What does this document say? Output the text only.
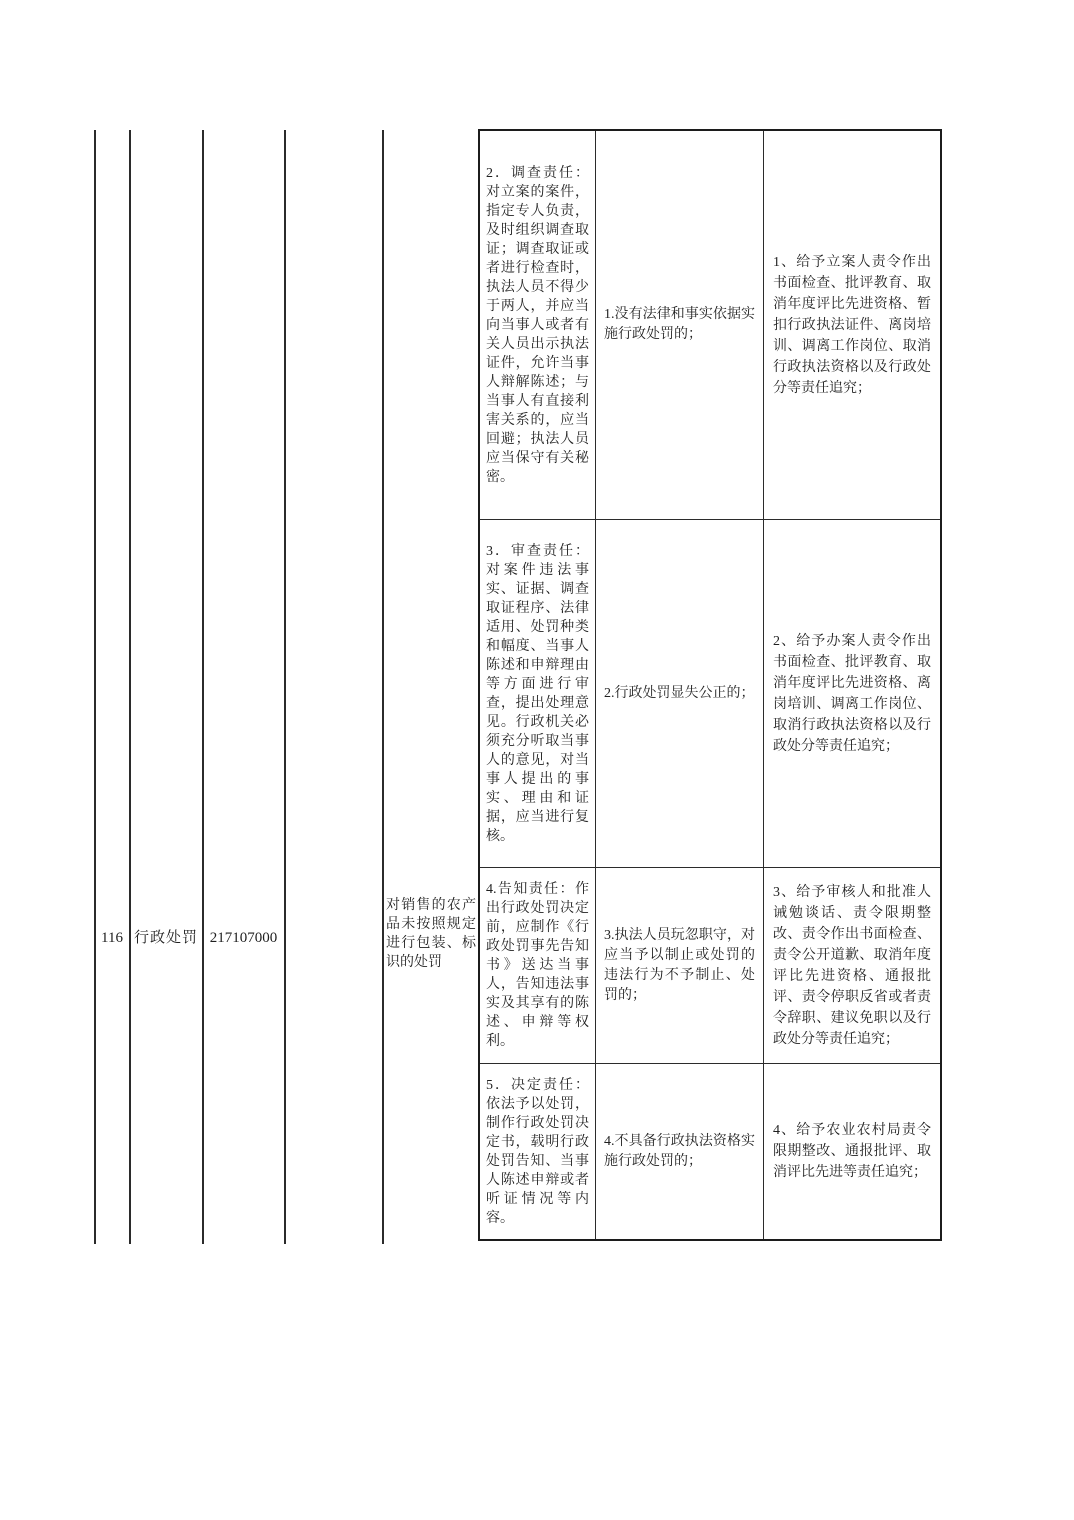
116 行政处罚 217107000
对销售的农产品未按照规定进行包装、标识的处罚
2．调查责任：对立案的案件，指定专人负责，及时组织调查取证；调查取证或者进行检查时，执法人员不得少于两人，并应当向当事人或者有关人员出示执法证件，允许当事人辩解陈述；与当事人有直接利害关系的，应当回避；执法人员应当保守有关秘密。
1.没有法律和事实依据实施行政处罚的；
1、给予立案人责令作出书面检查、批评教育、取消年度评比先进资格、暂扣行政执法证件、离岗培训、调离工作岗位、取消行政执法资格以及行政处分等责任追究；
3．审查责任：对案件违法事实、证据、调查取证程序、法律适用、处罚种类和幅度、当事人陈述和申辩理由等方面进行审查，提出处理意见。行政机关必须充分听取当事人的意见，对当事人提出的事实、理由和证据，应当进行复核。
2.行政处罚显失公正的；
2、给予办案人责令作出书面检查、批评教育、取消年度评比先进资格、离岗培训、调离工作岗位、取消行政执法资格以及行政处分等责任追究；
4.告知责任：作出行政处罚决定前，应制作《行政处罚事先告知书》送达当事人，告知违法事实及其享有的陈述、申辩等权利。
3.执法人员玩忽职守，对应当予以制止或处罚的违法行为不予制止、处罚的；
3、给予审核人和批准人诫勉谈话、责令限期整改、责令作出书面检查、责令公开道歉、取消年度评比先进资格、通报批评、责令停职反省或者责令辞职、建议免职以及行政处分等责任追究；
5．决定责任：依法予以处罚，制作行政处罚决定书，载明行政处罚告知、当事人陈述申辩或者听证情况等内容。
4.不具备行政执法资格实施行政处罚的；
4、给予农业农村局责令限期整改、通报批评、取消评比先进等责任追究；
